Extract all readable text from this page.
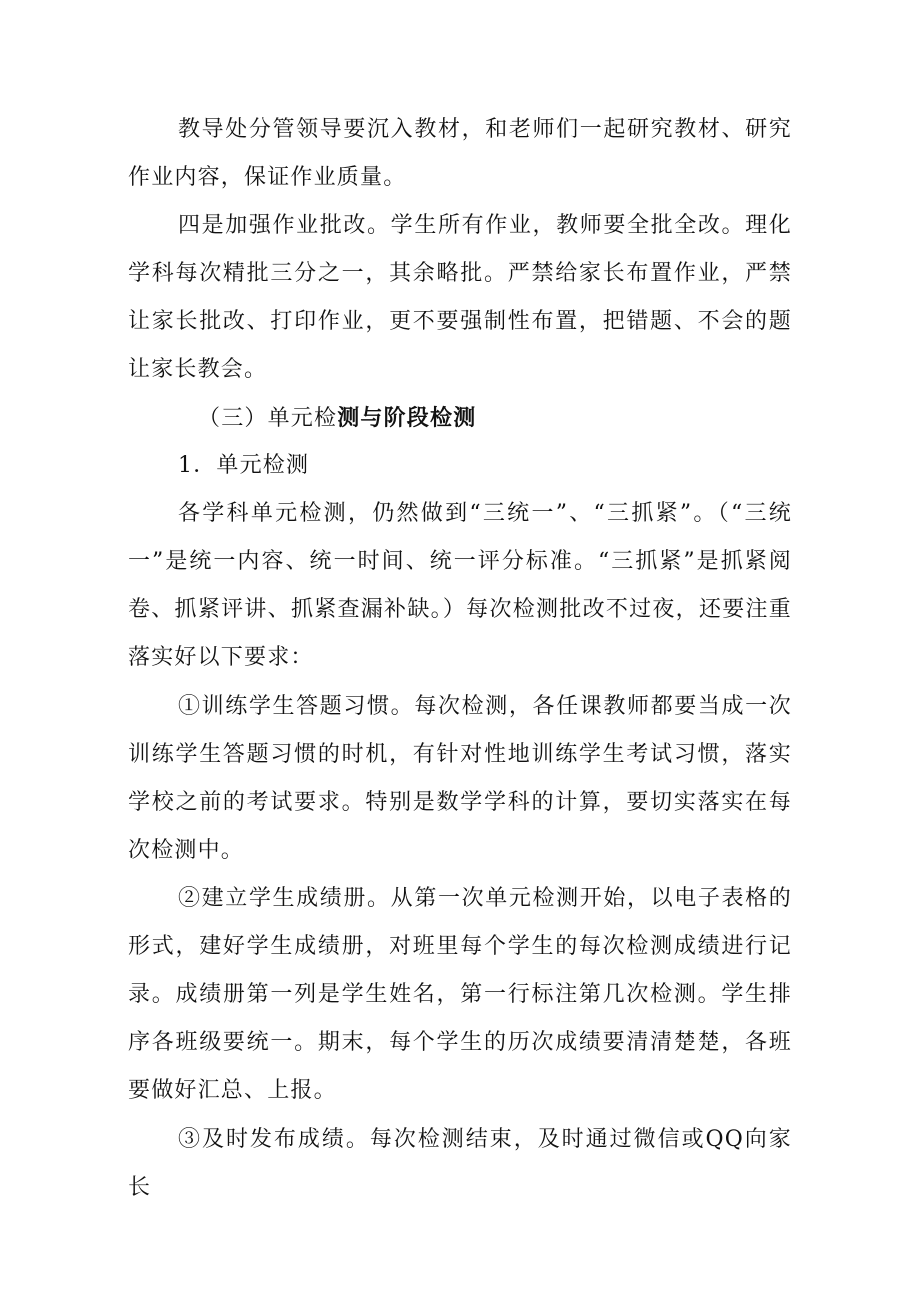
教导处分管领导要沉入教材，和老师们一起研究教材、研究作业内容，保证作业质量。

四是加强作业批改。学生所有作业，教师要全批全改。理化学科每次精批三分之一，其余略批。严禁给家长布置作业，严禁让家长批改、打印作业，更不要强制性布置，把错题、不会的题让家长教会。

（三）单元检测与阶段检测

1．单元检测

各学科单元检测，仍然做到“三统一”、“三抓紧”。（“三统一”是统一内容、统一时间、统一评分标准。“三抓紧”是抓紧阅卷、抓紧评讲、抓紧查漏补缺。）每次检测批改不过夜，还要注重落实好以下要求：

①训练学生答题习惯。每次检测，各任课教师都要当成一次训练学生答题习惯的时机，有针对性地训练学生考试习惯，落实学校之前的考试要求。特别是数学学科的计算，要切实落实在每次检测中。

②建立学生成绩册。从第一次单元检测开始，以电子表格的形式，建好学生成绩册，对班里每个学生的每次检测成绩进行记录。成绩册第一列是学生姓名，第一行标注第几次检测。学生排序各班级要统一。期末，每个学生的历次成绩要清清楚楚，各班要做好汇总、上报。

③及时发布成绩。每次检测结束，及时通过微信或QQ向家长
